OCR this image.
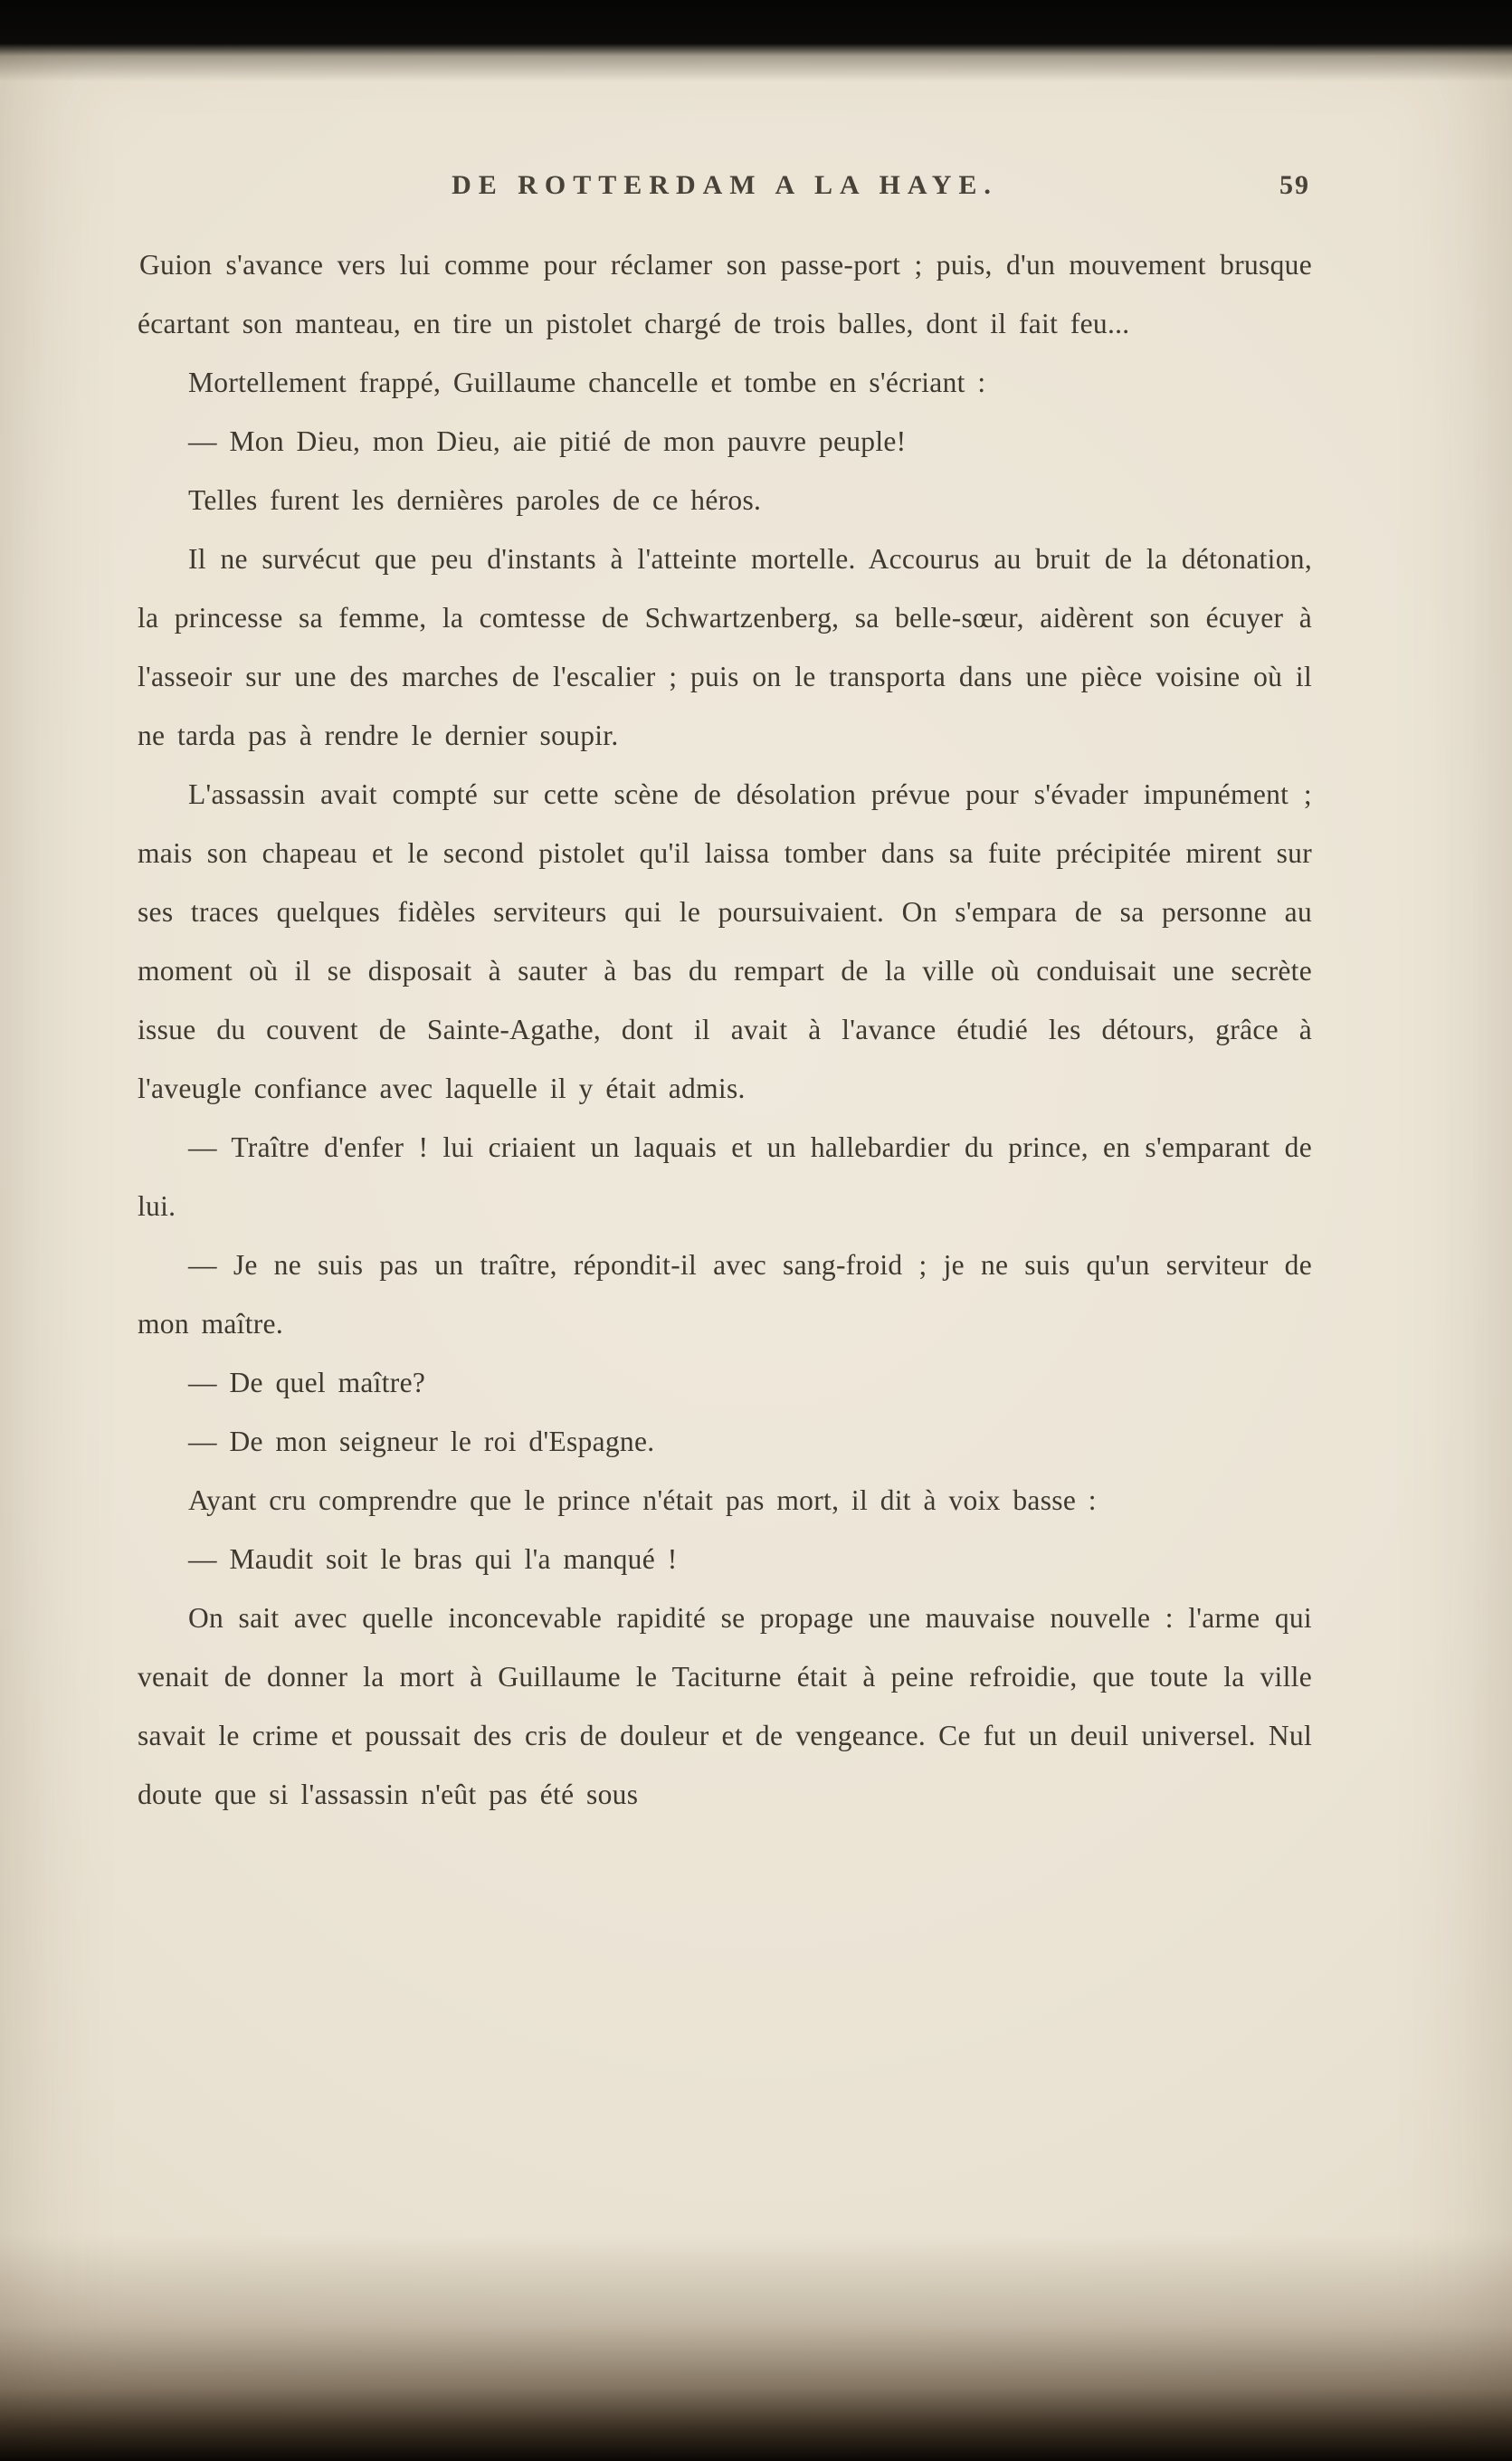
DE ROTTERDAM A LA HAYE.	59

Guion s'avance vers lui comme pour réclamer son passe-port ; puis, d'un mouvement brusque écartant son manteau, en tire un pistolet chargé de trois balles, dont il fait feu...

Mortellement frappé, Guillaume chancelle et tombe en s'écriant :

— Mon Dieu, mon Dieu, aie pitié de mon pauvre peuple!

Telles furent les dernières paroles de ce héros.

Il ne survécut que peu d'instants à l'atteinte mortelle. Accourus au bruit de la détonation, la princesse sa femme, la comtesse de Schwartzenberg, sa belle-sœur, aidèrent son écuyer à l'asseoir sur une des marches de l'escalier ; puis on le transporta dans une pièce voisine où il ne tarda pas à rendre le dernier soupir.

L'assassin avait compté sur cette scène de désolation prévue pour s'évader impunément ; mais son chapeau et le second pistolet qu'il laissa tomber dans sa fuite précipitée mirent sur ses traces quelques fidèles serviteurs qui le poursuivaient. On s'empara de sa personne au moment où il se disposait à sauter à bas du rempart de la ville où conduisait une secrète issue du couvent de Sainte-Agathe, dont il avait à l'avance étudié les détours, grâce à l'aveugle confiance avec laquelle il y était admis.

— Traître d'enfer ! lui criaient un laquais et un hallebardier du prince, en s'emparant de lui.

— Je ne suis pas un traître, répondit-il avec sang-froid ; je ne suis qu'un serviteur de mon maître.

— De quel maître?

— De mon seigneur le roi d'Espagne.

Ayant cru comprendre que le prince n'était pas mort, il dit à voix basse :

— Maudit soit le bras qui l'a manqué !

On sait avec quelle inconcevable rapidité se propage une mauvaise nouvelle : l'arme qui venait de donner la mort à Guillaume le Taciturne était à peine refroidie, que toute la ville savait le crime et poussait des cris de douleur et de vengeance. Ce fut un deuil universel. Nul doute que si l'assassin n'eût pas été sous
